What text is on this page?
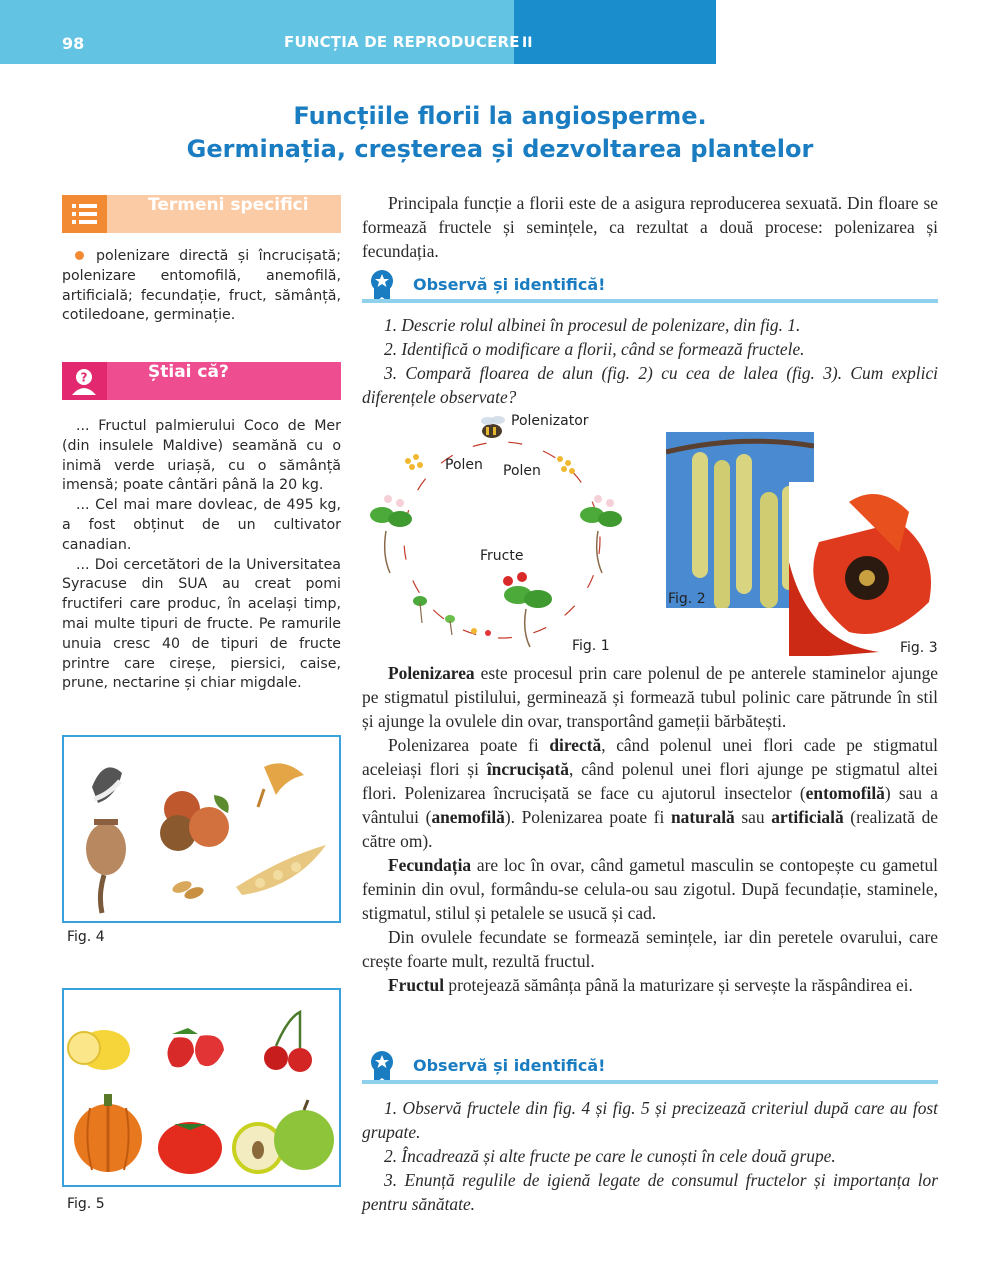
98	FUNCȚIA DE REPRODUCERE II
Funcțiile florii la angiosperme.
Germinația, creșterea și dezvoltarea plantelor
Termeni specifici

polenizare directă și încrucișată; polenizare entomofilă, anemofilă, artificială; fecundație, fruct, sămânță, cotiledoane, germinație.

?	Știai că?

... Fructul palmierului Coco de Mer (din insulele Maldive) seamănă cu o inimă verde uriașă, cu o sămânță imensă; poate cântări până la 20 kg.

... Cel mai mare dovleac, de 495 kg, a fost obținut de un cultivator canadian.

... Doi cercetători de la Universitatea Syracuse din SUA au creat pomi fructiferi care produc, în același timp, mai multe tipuri de fructe. Pe ramurile unuia cresc 40 de tipuri de fructe printre care cireșe, piersici, caise, prune, nectarine și chiar migdale.

Fig. 4
Fig. 5

Principala funcție a florii este de a asigura reproducerea sexuată. Din floare se formează fructele și semințele, ca rezultat a două procese: polenizarea și fecundația.

Observă și identifică!

1. Descrie rolul albinei în procesul de polenizare, din fig. 1.

2. Identifică o modificare a florii, când se formează fructele.

3. Compară floarea de alun (fig. 2) cu cea de lalea (fig. 3). Cum explici diferențele observate?

Polenizator
Polen Polen
Fructe
Fig. 1
Fig. 2
Fig. 3

Polenizarea este procesul prin care polenul de pe anterele staminelor ajunge pe stigmatul pistilului, germinează și formează tubul polinic care pătrunde în stil și ajunge la ovulele din ovar, transportând gameții bărbătești.

Polenizarea poate fi directă, când polenul unei flori cade pe stigmatul aceleiași flori și încrucișată, când polenul unei flori ajunge pe stigmatul altei flori. Polenizarea încrucișată se face cu ajutorul insectelor (entomofilă) sau a vântului (anemofilă). Polenizarea poate fi naturală sau artificială (realizată de către om).

Fecundația are loc în ovar, când gametul masculin se contopește cu gametul feminin din ovul, formându-se celula-ou sau zigotul. După fecundație, staminele, stigmatul, stilul și petalele se usucă și cad.

Din ovulele fecundate se formează semințele, iar din peretele ovarului, care crește foarte mult, rezultă fructul.

Fructul protejează sămânța până la maturizare și servește la răspândirea ei.

Observă și identifică!

1. Observă fructele din fig. 4 și fig. 5 și precizează criteriul după care au fost grupate.

2. Încadrează și alte fructe pe care le cunoști în cele două grupe.

3. Enunță regulile de igienă legate de consumul fructelor și importanța lor pentru sănătate.
